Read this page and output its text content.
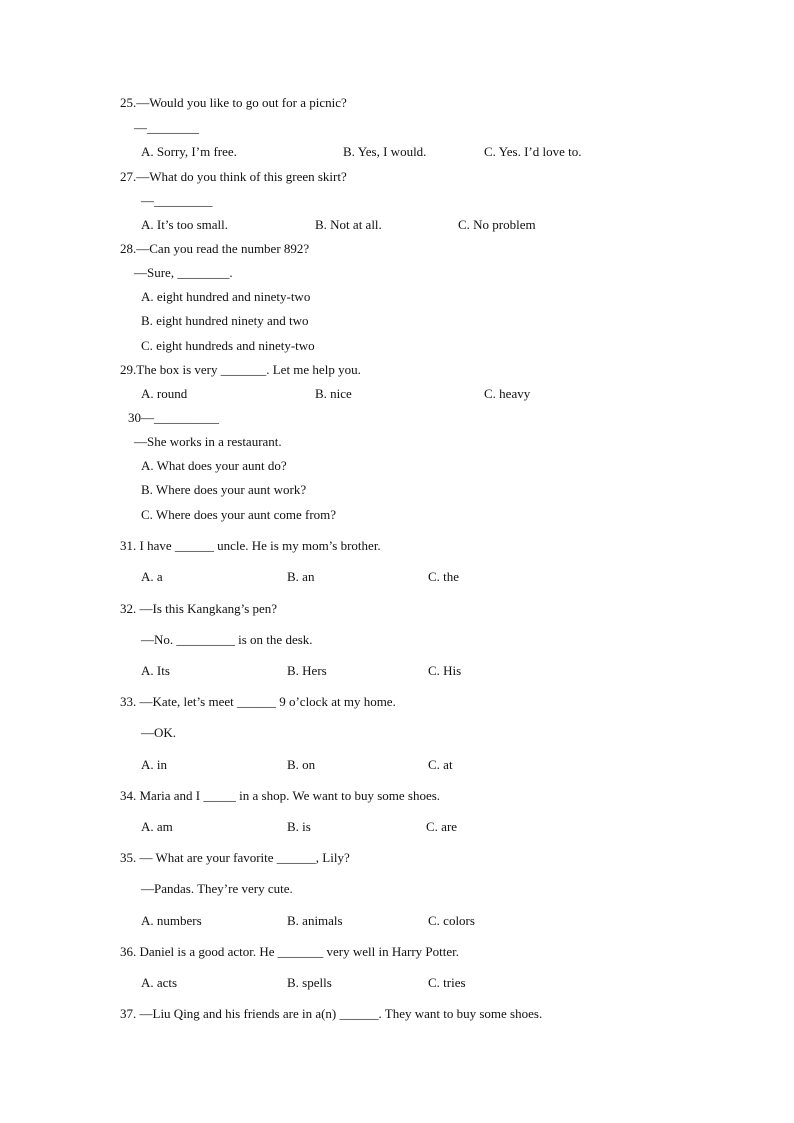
25.—Would you like to go out for a picnic?
—________
A. Sorry, I’m free.	B. Yes, I would.	C. Yes. I’d love to.
27.—What do you think of this green skirt?
—_________
A. It’s too small.	B. Not at all.	C. No problem
28.—Can you read the number 892?
—Sure, ________.
A. eight hundred and ninety-two
B. eight hundred ninety and two
C. eight hundreds and ninety-two
29.The box is very _______. Let me help you.
A. round	B. nice	C. heavy
30—__________
—She works in a restaurant.
A. What does your aunt do?
B. Where does your aunt work?
C. Where does your aunt come from?
31. I have ______ uncle. He is my mom’s brother.
A. a	B. an	C. the
32. —Is this Kangkang’s pen?
—No. _________ is on the desk.
A. Its	B. Hers	C. His
33. —Kate, let’s meet ______ 9 o’clock at my home.
—OK.
A. in	B. on	C. at
34. Maria and I _____ in a shop. We want to buy some shoes.
A. am	B. is	C. are
35. — What are your favorite ______, Lily?
—Pandas. They’re very cute.
A. numbers	B. animals	C. colors
36. Daniel is a good actor. He _______ very well in Harry Potter.
A. acts	B. spells	C. tries
37. —Liu Qing and his friends are in a(n) ______. They want to buy some shoes.
